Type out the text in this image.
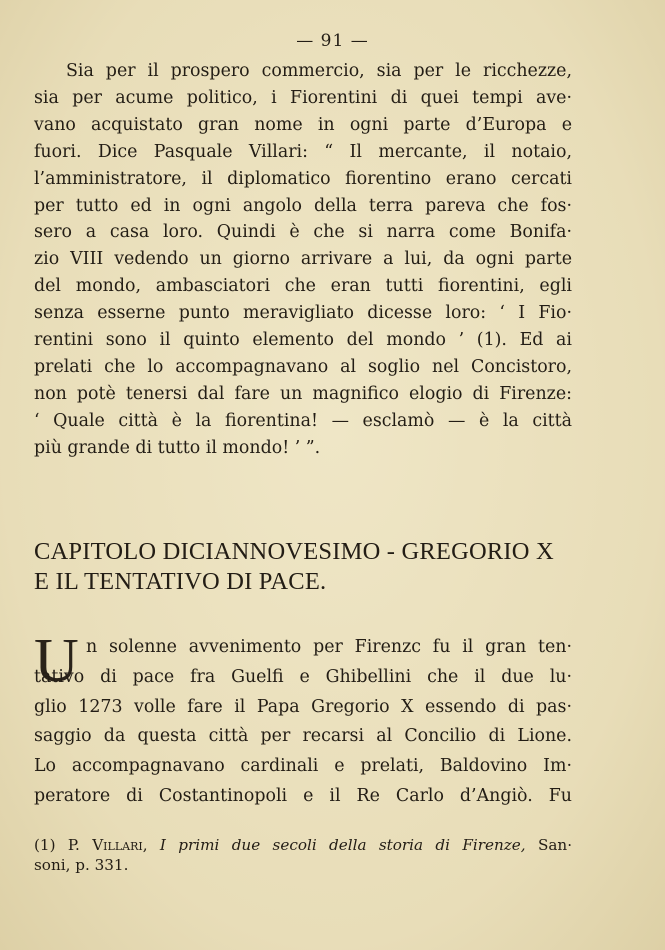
— 91 —

Sia per il prospero commercio, sia per le ricchezze,
sia per acume politico, i Fiorentini di quei tempi ave·
vano acquistato gran nome in ogni parte d’Europa e
fuori. Dice Pasquale Villari: “ Il mercante, il notaio,
l’amministratore, il diplomatico fiorentino erano cercati
per tutto ed in ogni angolo della terra pareva che fos·
sero a casa loro. Quindi è che si narra come Bonifa·
zio VIII vedendo un giorno arrivare a lui, da ogni parte
del mondo, ambasciatori che eran tutti fiorentini, egli
senza esserne punto meravigliato dicesse loro: ‘ I Fio·
rentini sono il quinto elemento del mondo ’ (1). Ed ai
prelati che lo accompagnavano al soglio nel Concistoro,
non potè tenersi dal fare un magnifico elogio di Firenze:
‘ Quale città è la fiorentina! — esclamò — è la città
più grande di tutto il mondo! ’ ”.

CAPITOLO DICIANNOVESIMO - GREGORIO X
E IL TENTATIVO DI PACE.
U n solenne avvenimento per Firenzc fu il gran ten·
tativo di pace fra Guelfi e Ghibellini che il due lu·
glio 1273 volle fare il Papa Gregorio X essendo di pas·
saggio da questa città per recarsi al Concilio di Lione.
Lo accompagnavano cardinali e prelati, Baldovino Im·
peratore di Costantinopoli e il Re Carlo d’Angiò. Fu

(1) P. Villari, I primi due secoli della storia di Firenze, San·
soni, p. 331.
